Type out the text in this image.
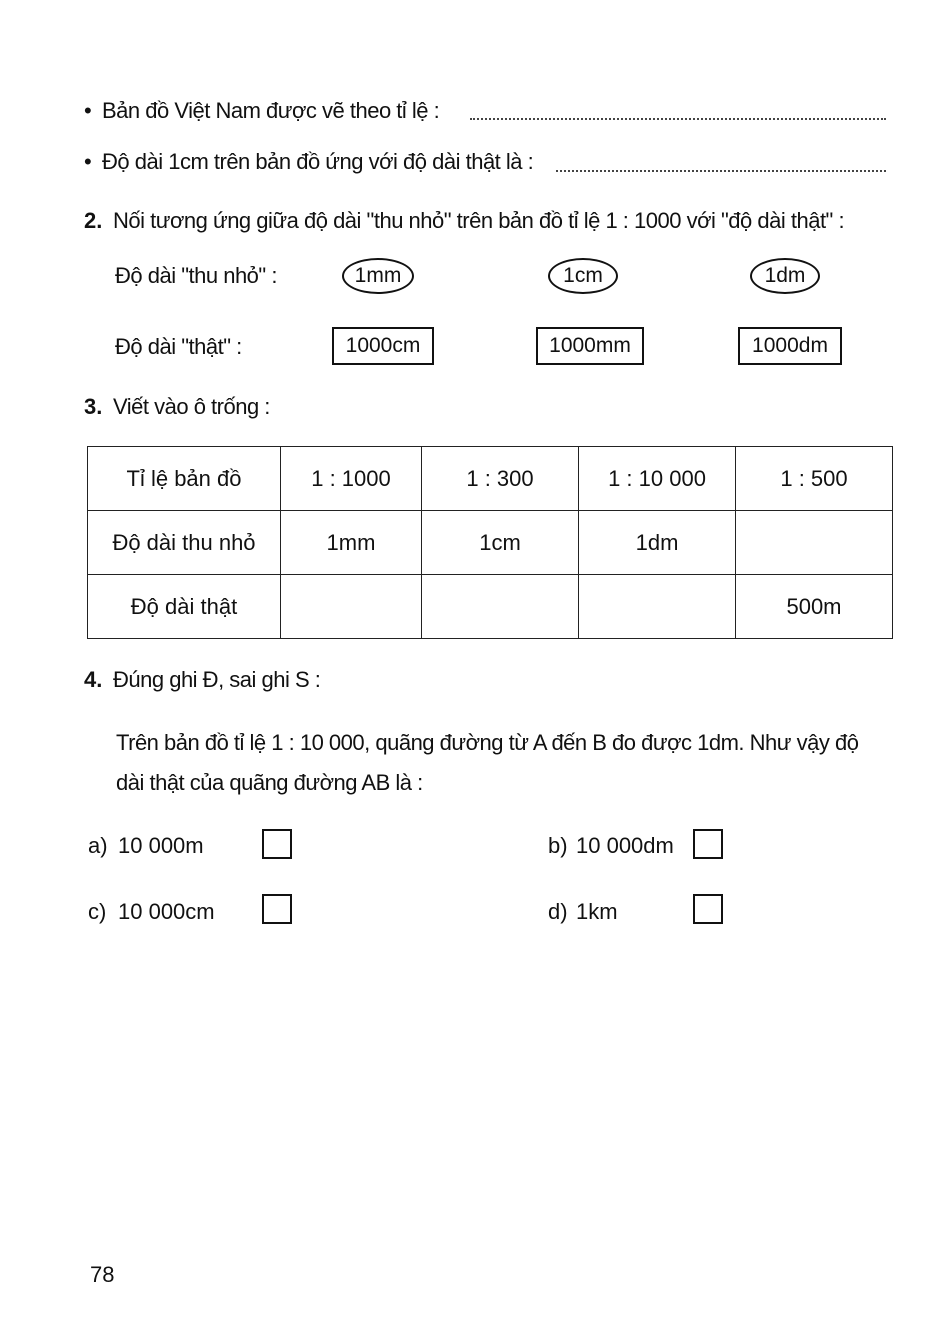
• Bản đồ Việt Nam được vẽ theo tỉ lệ :
• Độ dài 1cm trên bản đồ ứng với độ dài thật là :
2. Nối tương ứng giữa độ dài "thu nhỏ" trên bản đồ tỉ lệ 1 : 1000 với "độ dài thật" :
Độ dài "thu nhỏ" :	1mm	1cm	1dm
Độ dài "thật" :	1000cm	1000mm	1000dm
3. Viết vào ô trống :
Tỉ lệ bản đồ	1 : 1000	1 : 300	1 : 10 000	1 : 500
Độ dài thu nhỏ	1mm	1cm	1dm	
Độ dài thật				500m
4. Đúng ghi Đ, sai ghi S :
Trên bản đồ tỉ lệ 1 : 10 000, quãng đường từ A đến B đo được 1dm. Như vậy độ
dài thật của quãng đường AB là :
a) 10 000m	b) 10 000dm
c) 10 000cm	d) 1km
78
